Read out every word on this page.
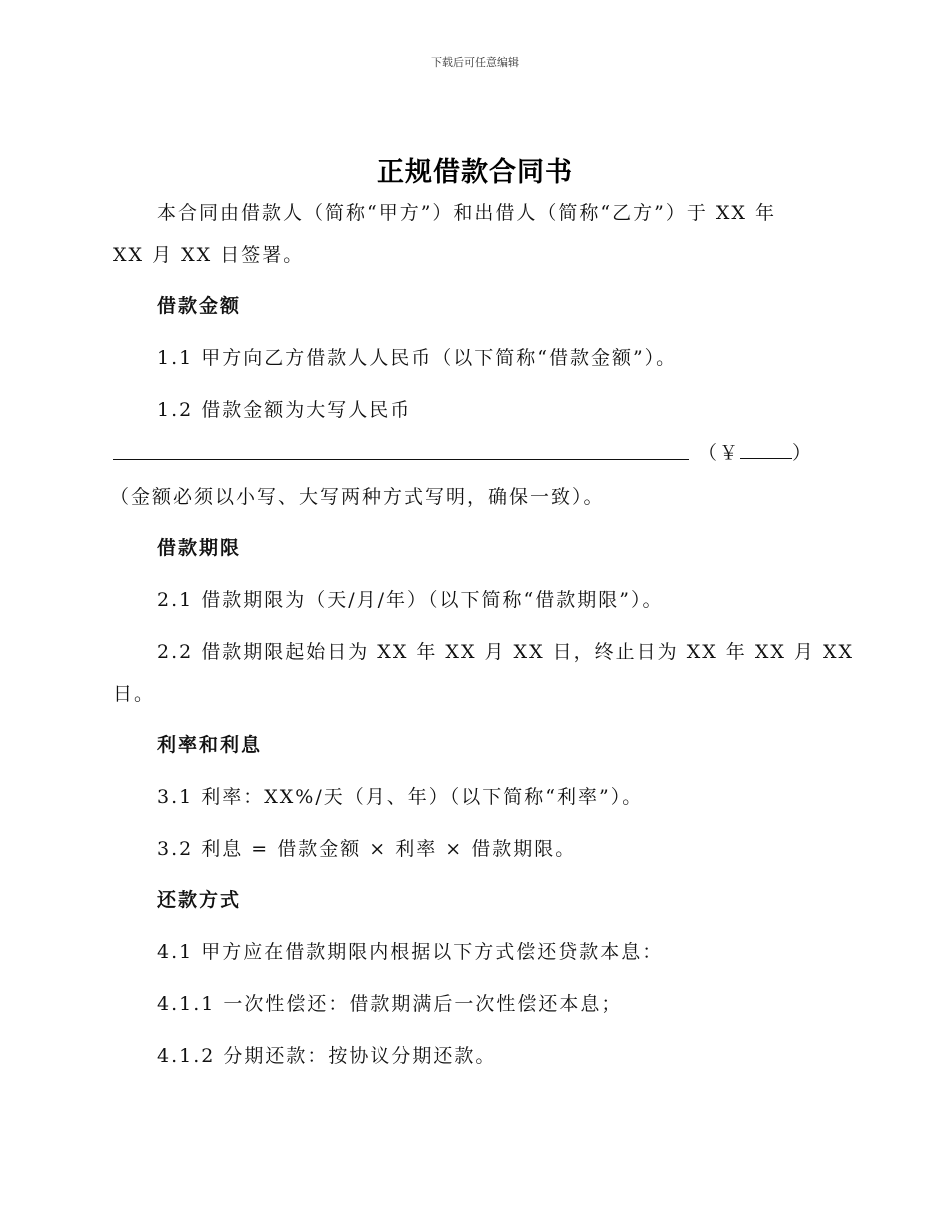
下载后可任意编辑
正规借款合同书
本合同由借款人（简称“甲方”）和出借人（简称“乙方”）于 XX 年
XX 月 XX 日签署。
借款金额
1.1 甲方向乙方借款人人民币（以下简称“借款金额”）。
1.2 借款金额为大写人民币
（￥	）
（金额必须以小写、大写两种方式写明，确保一致）。
借款期限
2.1 借款期限为（天/月/年）（以下简称“借款期限”）。
2.2 借款期限起始日为 XX 年 XX 月 XX 日，终止日为 XX 年 XX 月 XX
日。
利率和利息
3.1 利率：XX%/天（月、年）（以下简称“利率”）。
3.2 利息 = 借款金额 × 利率 × 借款期限。
还款方式
4.1 甲方应在借款期限内根据以下方式偿还贷款本息：
4.1.1 一次性偿还：借款期满后一次性偿还本息；
4.1.2 分期还款：按协议分期还款。
